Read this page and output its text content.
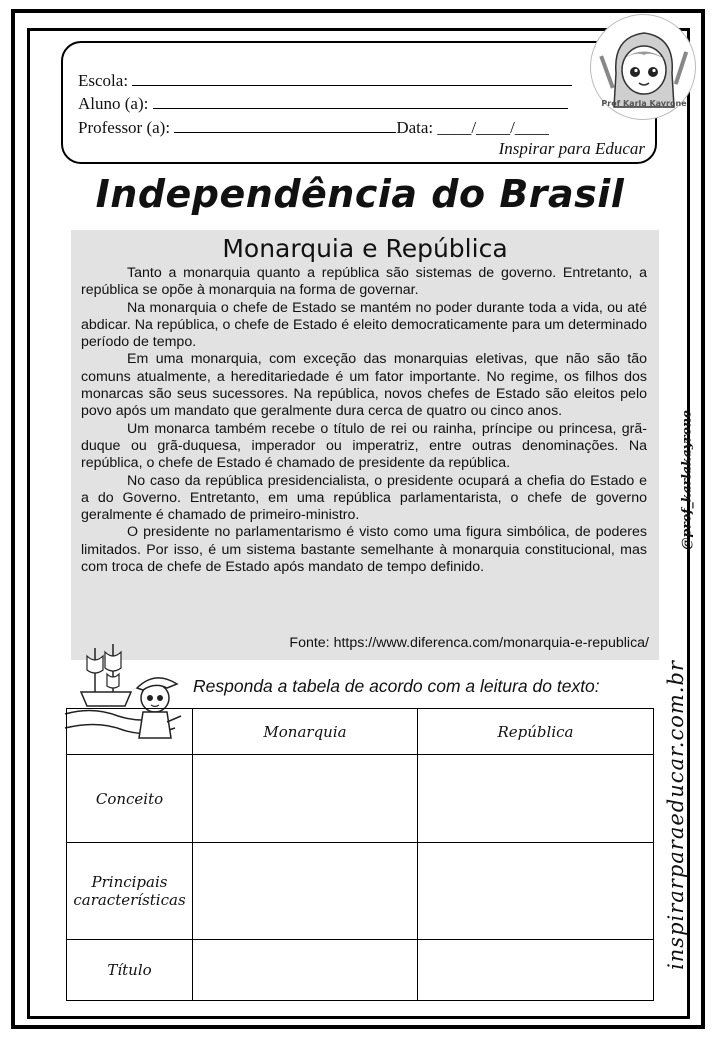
Escola:
Aluno (a):
Professor (a):	Data: ____/____/____
Inspirar para Educar
Prof Karla Kayrone
Independência do Brasil
Monarquia e República

Tanto a monarquia quanto a república são sistemas de governo. Entretanto, a república se opõe à monarquia na forma de governar.

Na monarquia o chefe de Estado se mantém no poder durante toda a vida, ou até abdicar. Na república, o chefe de Estado é eleito democraticamente para um determinado período de tempo.

Em uma monarquia, com exceção das monarquias eletivas, que não são tão comuns atualmente, a hereditariedade é um fator importante. No regime, os filhos dos monarcas são seus sucessores. Na república, novos chefes de Estado são eleitos pelo povo após um mandato que geralmente dura cerca de quatro ou cinco anos.

Um monarca também recebe o título de rei ou rainha, príncipe ou princesa, grã-duque ou grã-duquesa, imperador ou imperatriz, entre outras denominações. Na república, o chefe de Estado é chamado de presidente da república.

No caso da república presidencialista, o presidente ocupará a chefia do Estado e a do Governo. Entretanto, em uma república parlamentarista, o chefe de governo geralmente é chamado de primeiro-ministro.

O presidente no parlamentarismo é visto como uma figura simbólica, de poderes limitados. Por isso, é um sistema bastante semelhante à monarquia constitucional, mas com troca de chefe de Estado após mandato de tempo definido.

Fonte: https://www.diferenca.com/monarquia-e-republica/
@prof_karlakayrone
inspirarparaeducar.com.br
Responda a tabela de acordo com a leitura do texto:
	Monarquia	República
Conceito		
Principais
características		
Título		
